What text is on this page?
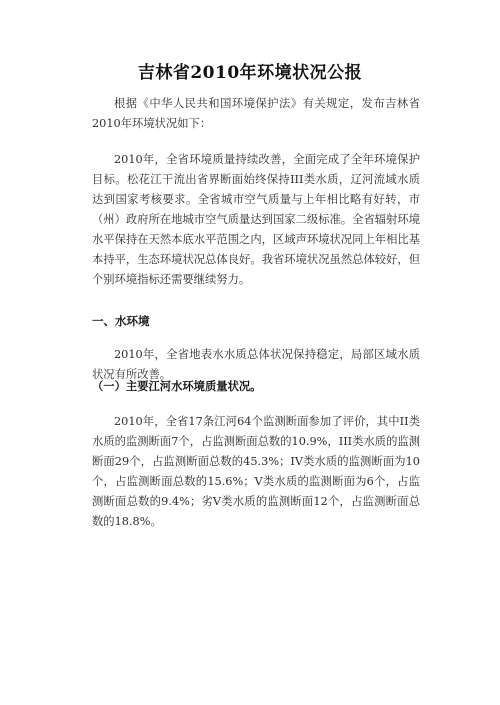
吉林省2010年环境状况公报
根据《中华人民共和国环境保护法》有关规定，发布吉林省2010年环境状况如下：
2010年，全省环境质量持续改善，全面完成了全年环境保护目标。松花江干流出省界断面始终保持III类水质，辽河流域水质达到国家考核要求。全省城市空气质量与上年相比略有好转，市（州）政府所在地城市空气质量达到国家二级标准。全省辐射环境水平保持在天然本底水平范围之内，区域声环境状况同上年相比基本持平，生态环境状况总体良好。我省环境状况虽然总体较好，但个别环境指标还需要继续努力。
一、水环境
2010年，全省地表水水质总体状况保持稳定，局部区域水质状况有所改善。
（一）主要江河水环境质量状况。
2010年，全省17条江河64个监测断面参加了评价，其中II类水质的监测断面7个，占监测断面总数的10.9%，III类水质的监测断面29个，占监测断面总数的45.3%；IV类水质的监测断面为10个，占监测断面总数的15.6%；V类水质的监测断面为6个，占监测断面总数的9.4%；劣V类水质的监测断面12个，占监测断面总数的18.8%。
